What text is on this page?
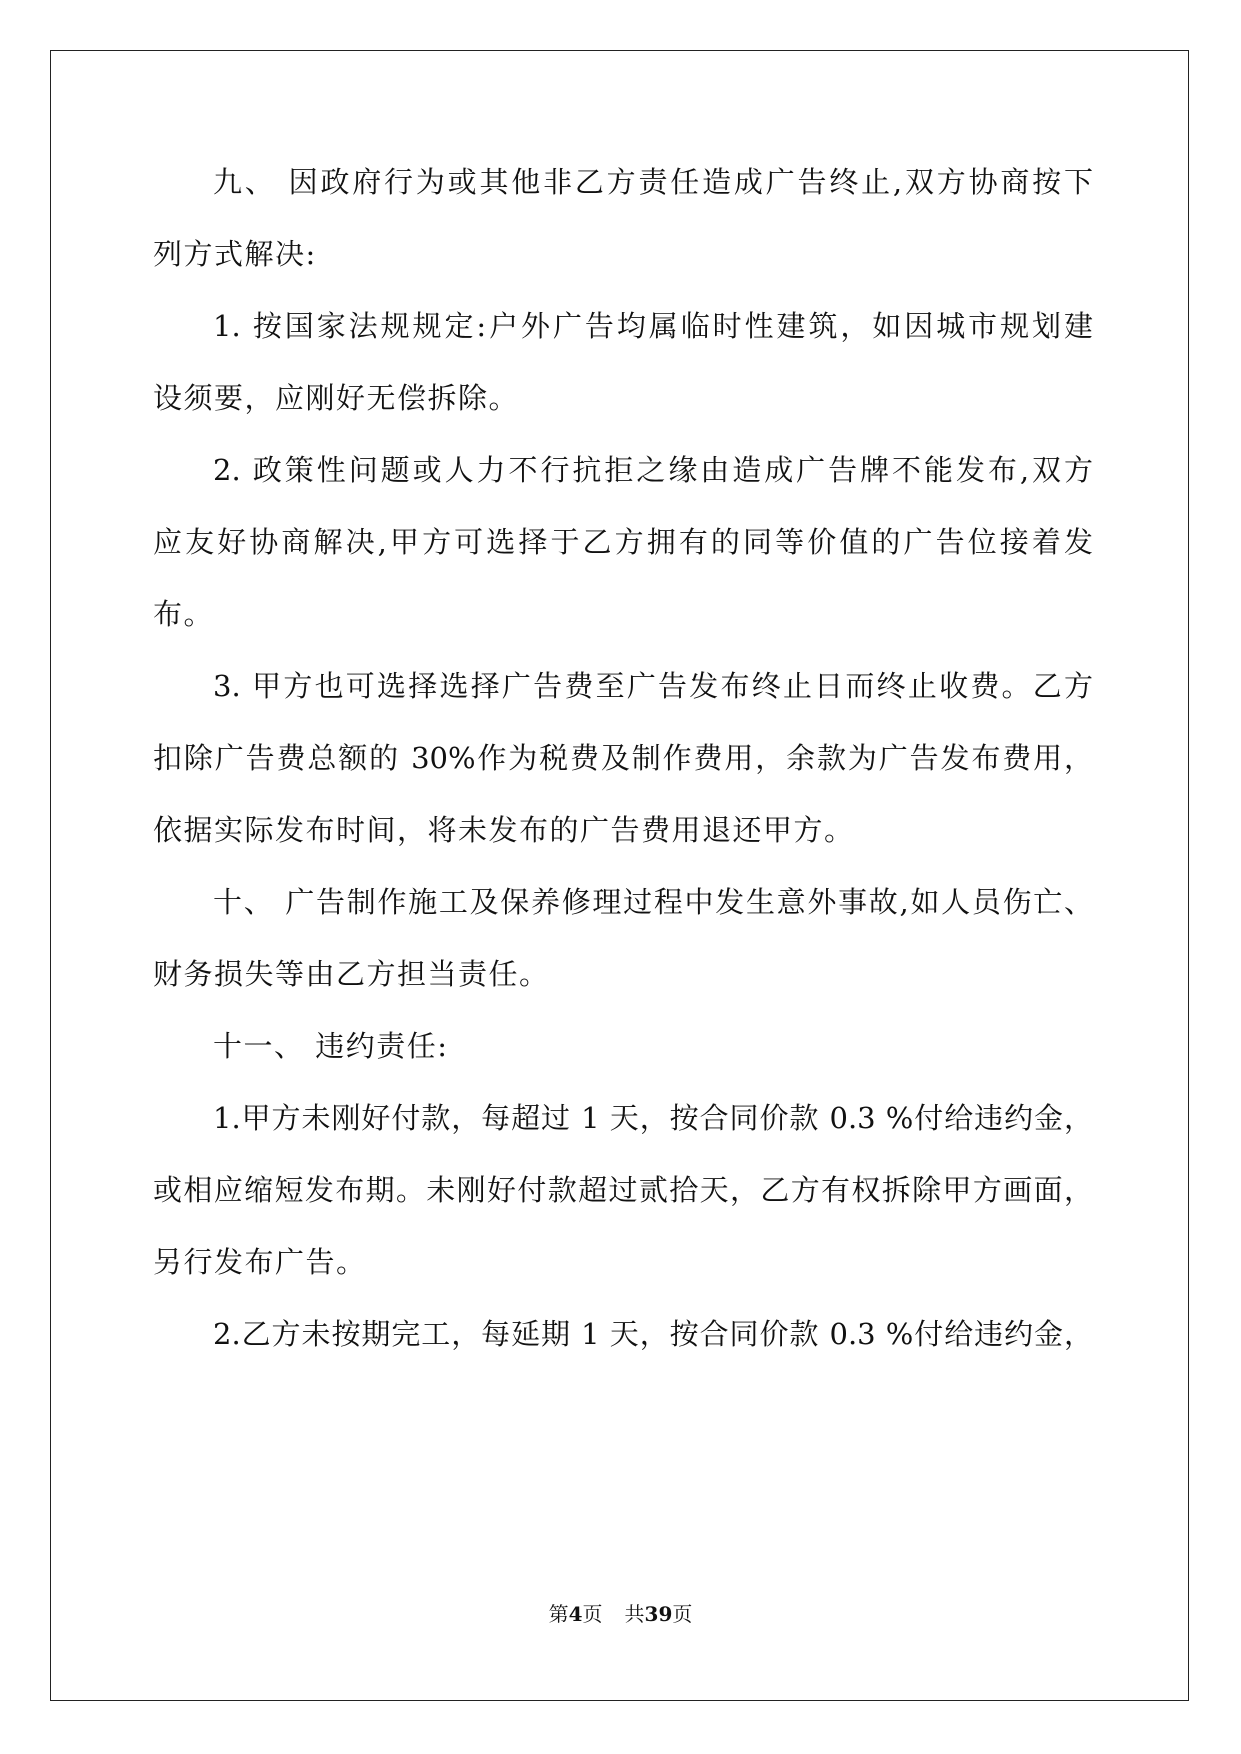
九、 因政府行为或其他非乙方责任造成广告终止,双方协商按下
列方式解决:
1. 按国家法规规定:户外广告均属临时性建筑，如因城市规划建
设须要，应刚好无偿拆除。
2. 政策性问题或人力不行抗拒之缘由造成广告牌不能发布,双方
应友好协商解决,甲方可选择于乙方拥有的同等价值的广告位接着发
布。
3. 甲方也可选择选择广告费至广告发布终止日而终止收费。乙方
扣除广告费总额的 30%作为税费及制作费用，余款为广告发布费用，
依据实际发布时间，将未发布的广告费用退还甲方。
十、 广告制作施工及保养修理过程中发生意外事故,如人员伤亡、
财务损失等由乙方担当责任。
十一、 违约责任:
1.甲方未刚好付款，每超过 1 天，按合同价款 0.3 %付给违约金，
或相应缩短发布期。未刚好付款超过贰拾天，乙方有权拆除甲方画面，
另行发布广告。
2.乙方未按期完工，每延期 1 天，按合同价款 0.3 %付给违约金，
第4页 共39页
